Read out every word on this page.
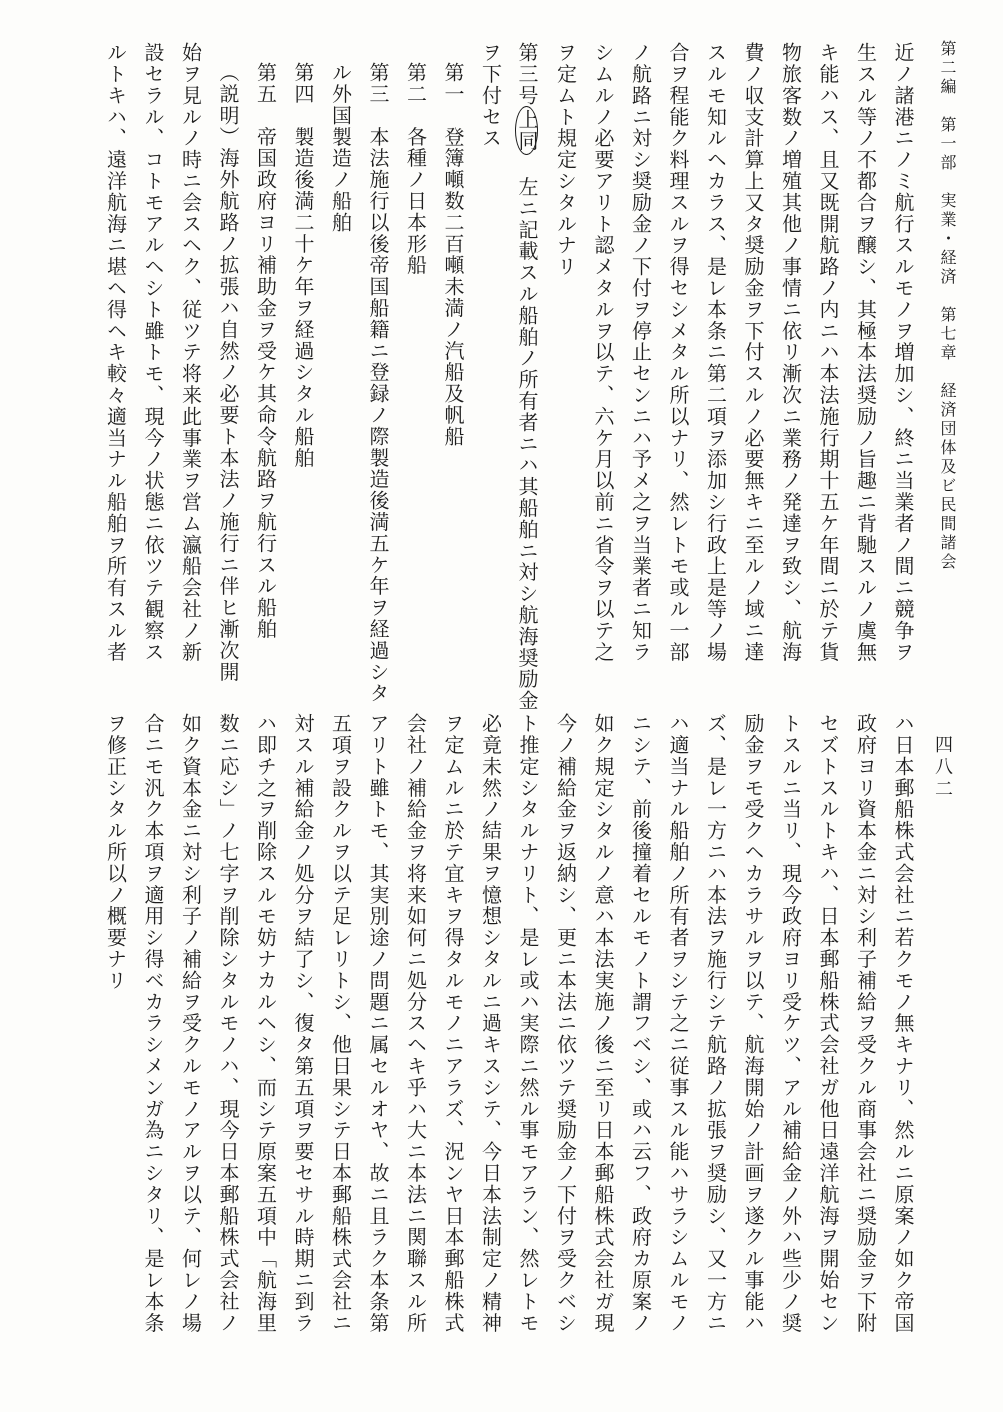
第二編　第一部　実業・経済　第七章　経済団体及ビ民間諸会
四八二
近ノ諸港ニノミ航行スルモノヲ増加シ、終ニ当業者ノ間ニ競争ヲ
生スル等ノ不都合ヲ醸シ、其極本法奨励ノ旨趣ニ背馳スルノ虞無
キ能ハス、且又既開航路ノ内ニハ本法施行期十五ケ年間ニ於テ貨
物旅客数ノ増殖其他ノ事情ニ依リ漸次ニ業務ノ発達ヲ致シ、航海
費ノ収支計算上又タ奨励金ヲ下付スルノ必要無キニ至ルノ域ニ達
スルモ知ルヘカラス、是レ本条ニ第二項ヲ添加シ行政上是等ノ場
合ヲ程能ク料理スルヲ得セシメタル所以ナリ、然レトモ或ル一部
ノ航路ニ対シ奨励金ノ下付ヲ停止センニハ予メ之ヲ当業者ニ知ラ
シムルノ必要アリト認メタルヲ以テ、六ケ月以前ニ省令ヲ以テ之
ヲ定ムト規定シタルナリ
第三号上同　左ニ記載スル船舶ノ所有者ニハ其船舶ニ対シ航海奨励金
ヲ下付セス
第一　登簿噸数二百噸未満ノ汽船及帆船
第二　各種ノ日本形船
第三　本法施行以後帝国船籍ニ登録ノ際製造後満五ケ年ヲ経過シタ
ル外国製造ノ船舶
第四　製造後満二十ケ年ヲ経過シタル船舶
第五　帝国政府ヨリ補助金ヲ受ケ其命令航路ヲ航行スル船舶
（説明）海外航路ノ拡張ハ自然ノ必要ト本法ノ施行ニ伴ヒ漸次開
始ヲ見ルノ時ニ会スヘク、従ツテ将来此事業ヲ営ム瀛船会社ノ新
設セラル、コトモアルヘシト雖トモ、現今ノ状態ニ依ツテ観察ス
ルトキハ、遠洋航海ニ堪ヘ得ヘキ較々適当ナル船舶ヲ所有スル者
ハ日本郵船株式会社ニ若クモノ無キナリ、然ルニ原案ノ如ク帝国
政府ヨリ資本金ニ対シ利子補給ヲ受クル商事会社ニ奨励金ヲ下附
セズトスルトキハ、日本郵船株式会社ガ他日遠洋航海ヲ開始セン
トスルニ当リ、現今政府ヨリ受ケツ、アル補給金ノ外ハ些少ノ奨
励金ヲモ受クヘカラサルヲ以テ、航海開始ノ計画ヲ遂クル事能ハ
ズ、是レ一方ニハ本法ヲ施行シテ航路ノ拡張ヲ奨励シ、又一方ニ
ハ適当ナル船舶ノ所有者ヲシテ之ニ従事スル能ハサラシムルモノ
ニシテ、前後撞着セルモノト謂フベシ、或ハ云フ、政府カ原案ノ
如ク規定シタルノ意ハ本法実施ノ後ニ至リ日本郵船株式会社ガ現
今ノ補給金ヲ返納シ、更ニ本法ニ依ツテ奨励金ノ下付ヲ受クベシ
ト推定シタルナリト、是レ或ハ実際ニ然ル事モアラン、然レトモ
必竟未然ノ結果ヲ憶想シタルニ過キスシテ、今日本法制定ノ精神
ヲ定ムルニ於テ宜キヲ得タルモノニアラズ、況ンヤ日本郵船株式
会社ノ補給金ヲ将来如何ニ処分スヘキ乎ハ大ニ本法ニ関聯スル所
アリト雖トモ、其実別途ノ問題ニ属セルオヤ、故ニ且ラク本条第
五項ヲ設クルヲ以テ足レリトシ、他日果シテ日本郵船株式会社ニ
対スル補給金ノ処分ヲ結了シ、復タ第五項ヲ要セサル時期ニ到ラ
ハ即チ之ヲ削除スルモ妨ナカルヘシ、而シテ原案五項中「航海里
数ニ応シ」ノ七字ヲ削除シタルモノハ、現今日本郵船株式会社ノ
如ク資本金ニ対シ利子ノ補給ヲ受クルモノアルヲ以テ、何レノ場
合ニモ汎ク本項ヲ適用シ得ベカラシメンガ為ニシタリ、是レ本条
ヲ修正シタル所以ノ概要ナリ
